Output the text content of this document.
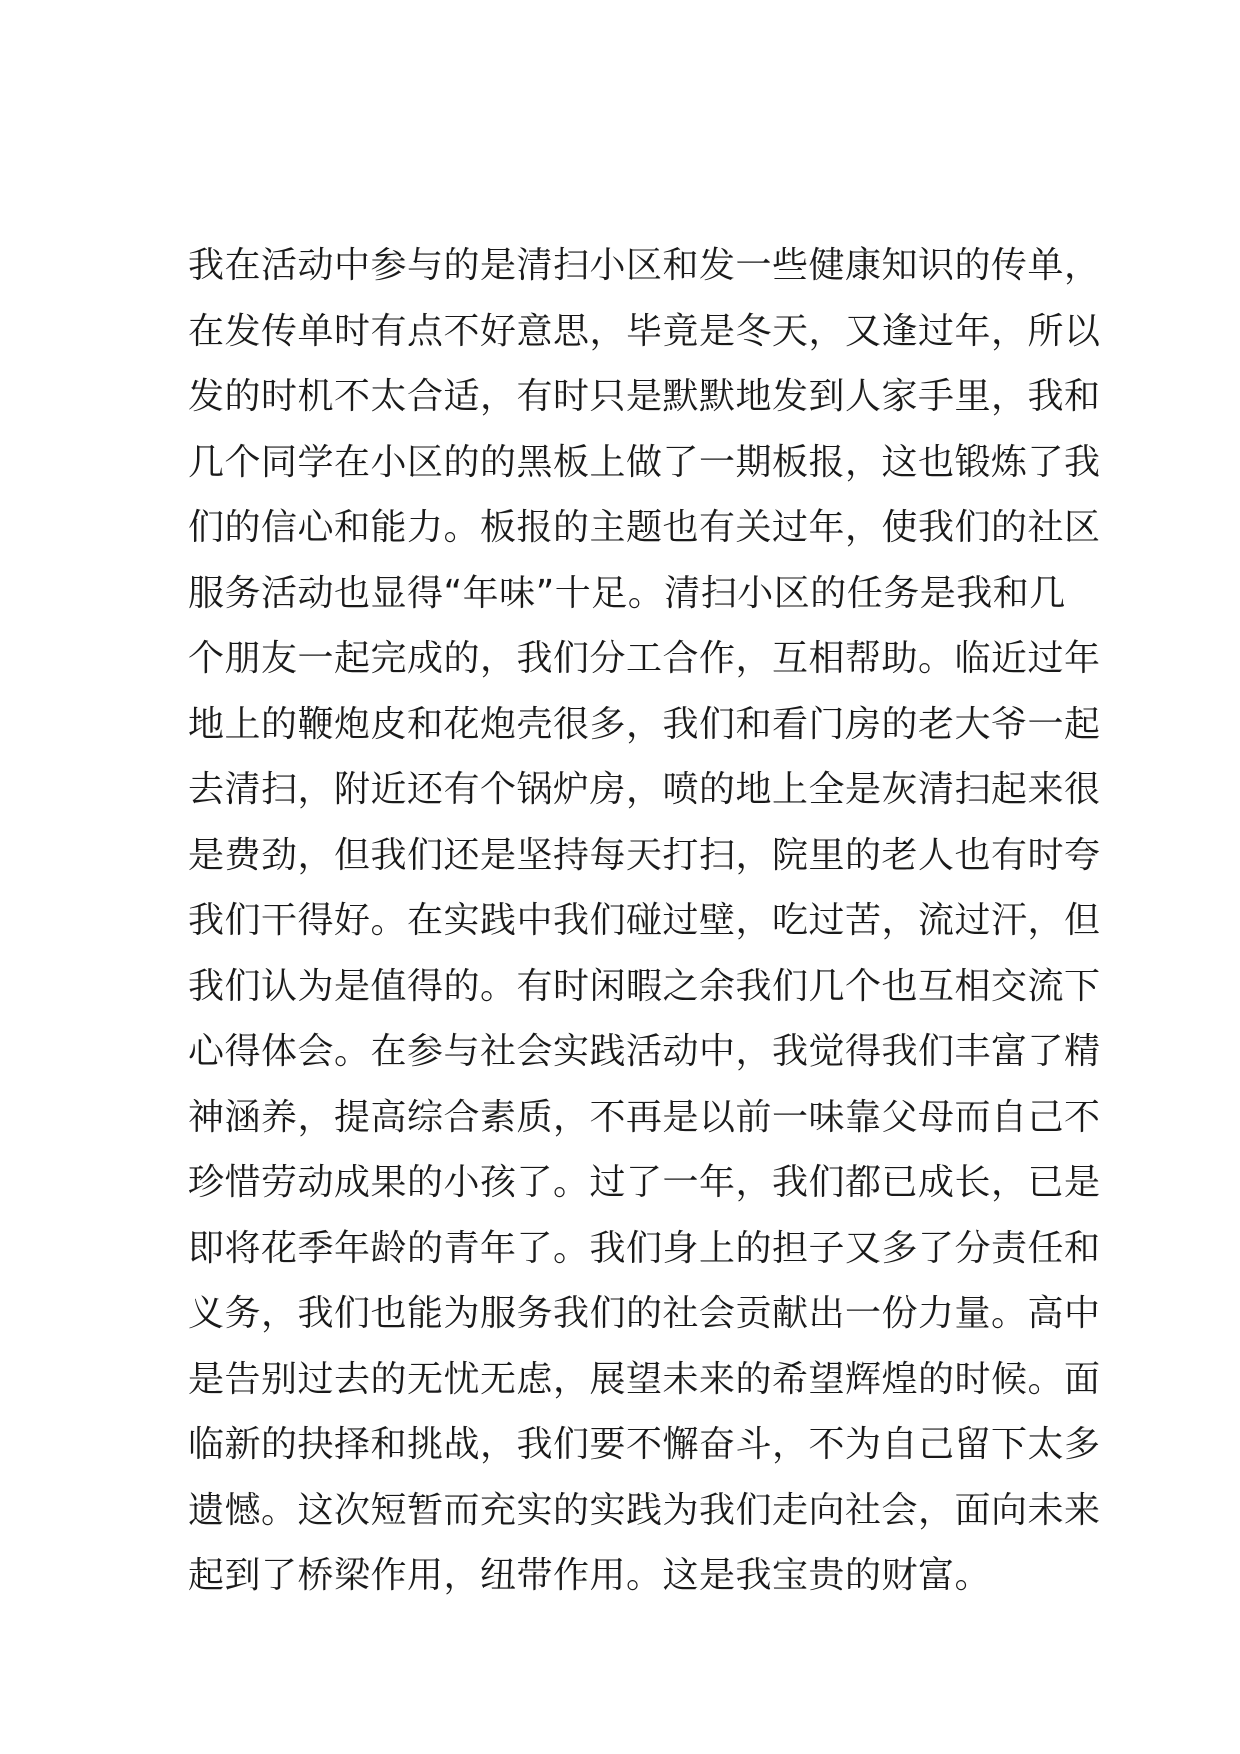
我在活动中参与的是清扫小区和发一些健康知识的传单，
在发传单时有点不好意思，毕竟是冬天，又逢过年，所以
发的时机不太合适，有时只是默默地发到人家手里，我和
几个同学在小区的的黑板上做了一期板报，这也锻炼了我
们的信心和能力。板报的主题也有关过年，使我们的社区
服务活动也显得“年味”十足。清扫小区的任务是我和几
个朋友一起完成的，我们分工合作，互相帮助。临近过年
地上的鞭炮皮和花炮壳很多，我们和看门房的老大爷一起
去清扫，附近还有个锅炉房，喷的地上全是灰清扫起来很
是费劲，但我们还是坚持每天打扫，院里的老人也有时夸
我们干得好。在实践中我们碰过壁，吃过苦，流过汗，但
我们认为是值得的。有时闲暇之余我们几个也互相交流下
心得体会。在参与社会实践活动中，我觉得我们丰富了精
神涵养，提高综合素质，不再是以前一味靠父母而自己不
珍惜劳动成果的小孩了。过了一年，我们都已成长，已是
即将花季年龄的青年了。我们身上的担子又多了分责任和
义务，我们也能为服务我们的社会贡献出一份力量。高中
是告别过去的无忧无虑，展望未来的希望辉煌的时候。面
临新的抉择和挑战，我们要不懈奋斗，不为自己留下太多
遗憾。这次短暂而充实的实践为我们走向社会，面向未来
起到了桥梁作用，纽带作用。这是我宝贵的财富。
